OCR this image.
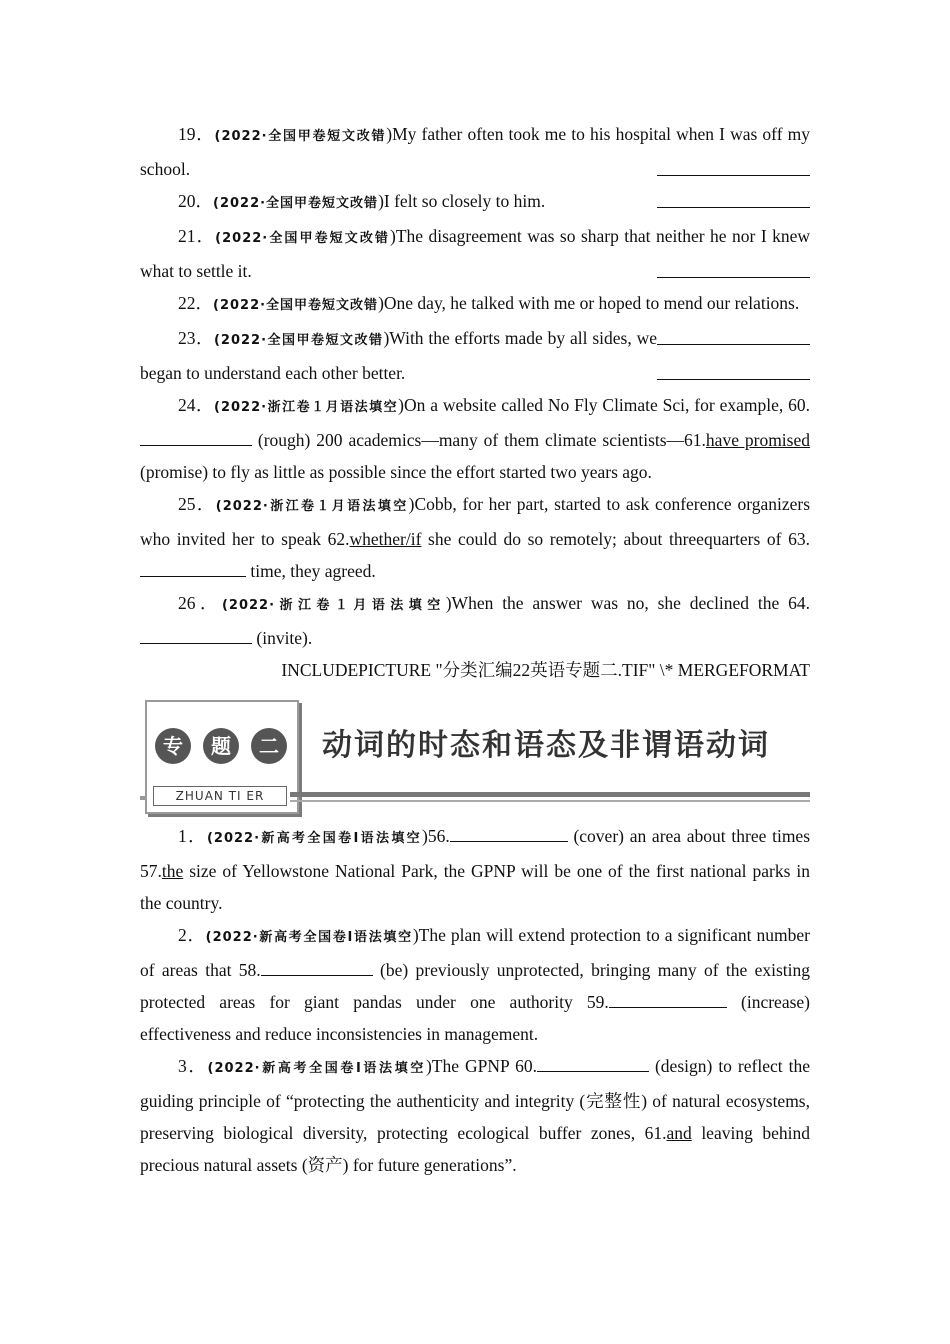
19．(2022·全国甲卷短文改错)My father often took me to his hospital when I was off my school.

20．(2022·全国甲卷短文改错)I felt so closely to him.

21．(2022·全国甲卷短文改错)The disagreement was so sharp that neither he nor I knew what to settle it.

22．(2022·全国甲卷短文改错)One day, he talked with me or hoped to mend our relations.

23．(2022·全国甲卷短文改错)With the efforts made by all sides, we began to understand each other better.

24．(2022·浙江卷１月语法填空)On a website called No Fly Climate Sci, for example, 60. (rough) 200 academics—many of them climate scientists—61.have promised (promise) to fly as little as possible since the effort started two years ago.

25．(2022·浙江卷１月语法填空)Cobb, for her part, started to ask conference organizers who invited her to speak 62.whether/if she could do so remotely; about threequarters of 63. time, they agreed.

26．(2022·浙江卷１月语法填空)When the answer was no, she declined the 64. (invite).

INCLUDEPICTURE "分类汇编22英语专题二.TIF" \* MERGEFORMAT

专	题	二
ZHUAN TI ER
动词的时态和语态及非谓语动词

1．(2022·新高考全国卷Ⅰ语法填空)56.	(cover) an area about three times 57.the size of Yellowstone National Park, the GPNP will be one of the first national parks in the country.

2．(2022·新高考全国卷Ⅰ语法填空)The plan will extend protection to a significant number of areas that 58.	(be) previously unprotected, bringing many of the existing protected areas for giant pandas under one authority 59.	(increase) effectiveness and reduce inconsistencies in management.

3．(2022·新高考全国卷Ⅰ语法填空)The GPNP 60.	(design) to reflect the guiding principle of “protecting the authenticity and integrity (完整性) of natural ecosystems, preserving biological diversity, protecting ecological buffer zones, 61.and leaving behind precious natural assets (资产) for future generations”.
